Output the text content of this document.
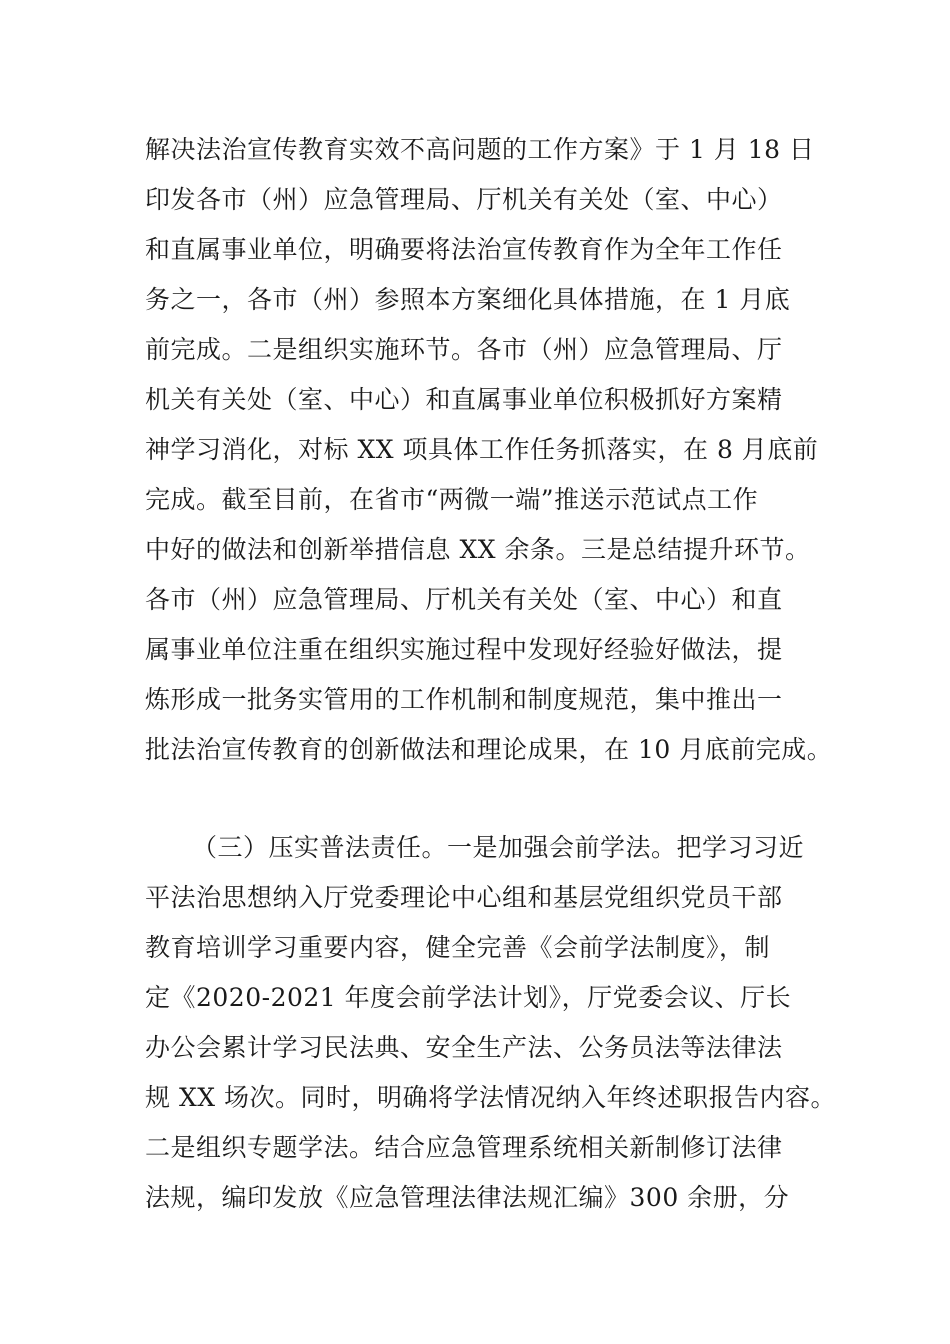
解决法治宣传教育实效不高问题的工作方案》于 1 月 18 日
印发各市（州）应急管理局、厅机关有关处（室、中心）
和直属事业单位，明确要将法治宣传教育作为全年工作任
务之一，各市（州）参照本方案细化具体措施，在 1 月底
前完成。二是组织实施环节。各市（州）应急管理局、厅
机关有关处（室、中心）和直属事业单位积极抓好方案精
神学习消化，对标 XX 项具体工作任务抓落实，在 8 月底前
完成。截至目前，在省市“两微一端”推送示范试点工作
中好的做法和创新举措信息 XX 余条。三是总结提升环节。
各市（州）应急管理局、厅机关有关处（室、中心）和直
属事业单位注重在组织实施过程中发现好经验好做法，提
炼形成一批务实管用的工作机制和制度规范，集中推出一
批法治宣传教育的创新做法和理论成果，在 10 月底前完成。
（三）压实普法责任。一是加强会前学法。把学习习近
平法治思想纳入厅党委理论中心组和基层党组织党员干部
教育培训学习重要内容，健全完善《会前学法制度》，制
定《2020-2021 年度会前学法计划》，厅党委会议、厅长
办公会累计学习民法典、安全生产法、公务员法等法律法
规 XX 场次。同时，明确将学法情况纳入年终述职报告内容。
二是组织专题学法。结合应急管理系统相关新制修订法律
法规，编印发放《应急管理法律法规汇编》300 余册，分
